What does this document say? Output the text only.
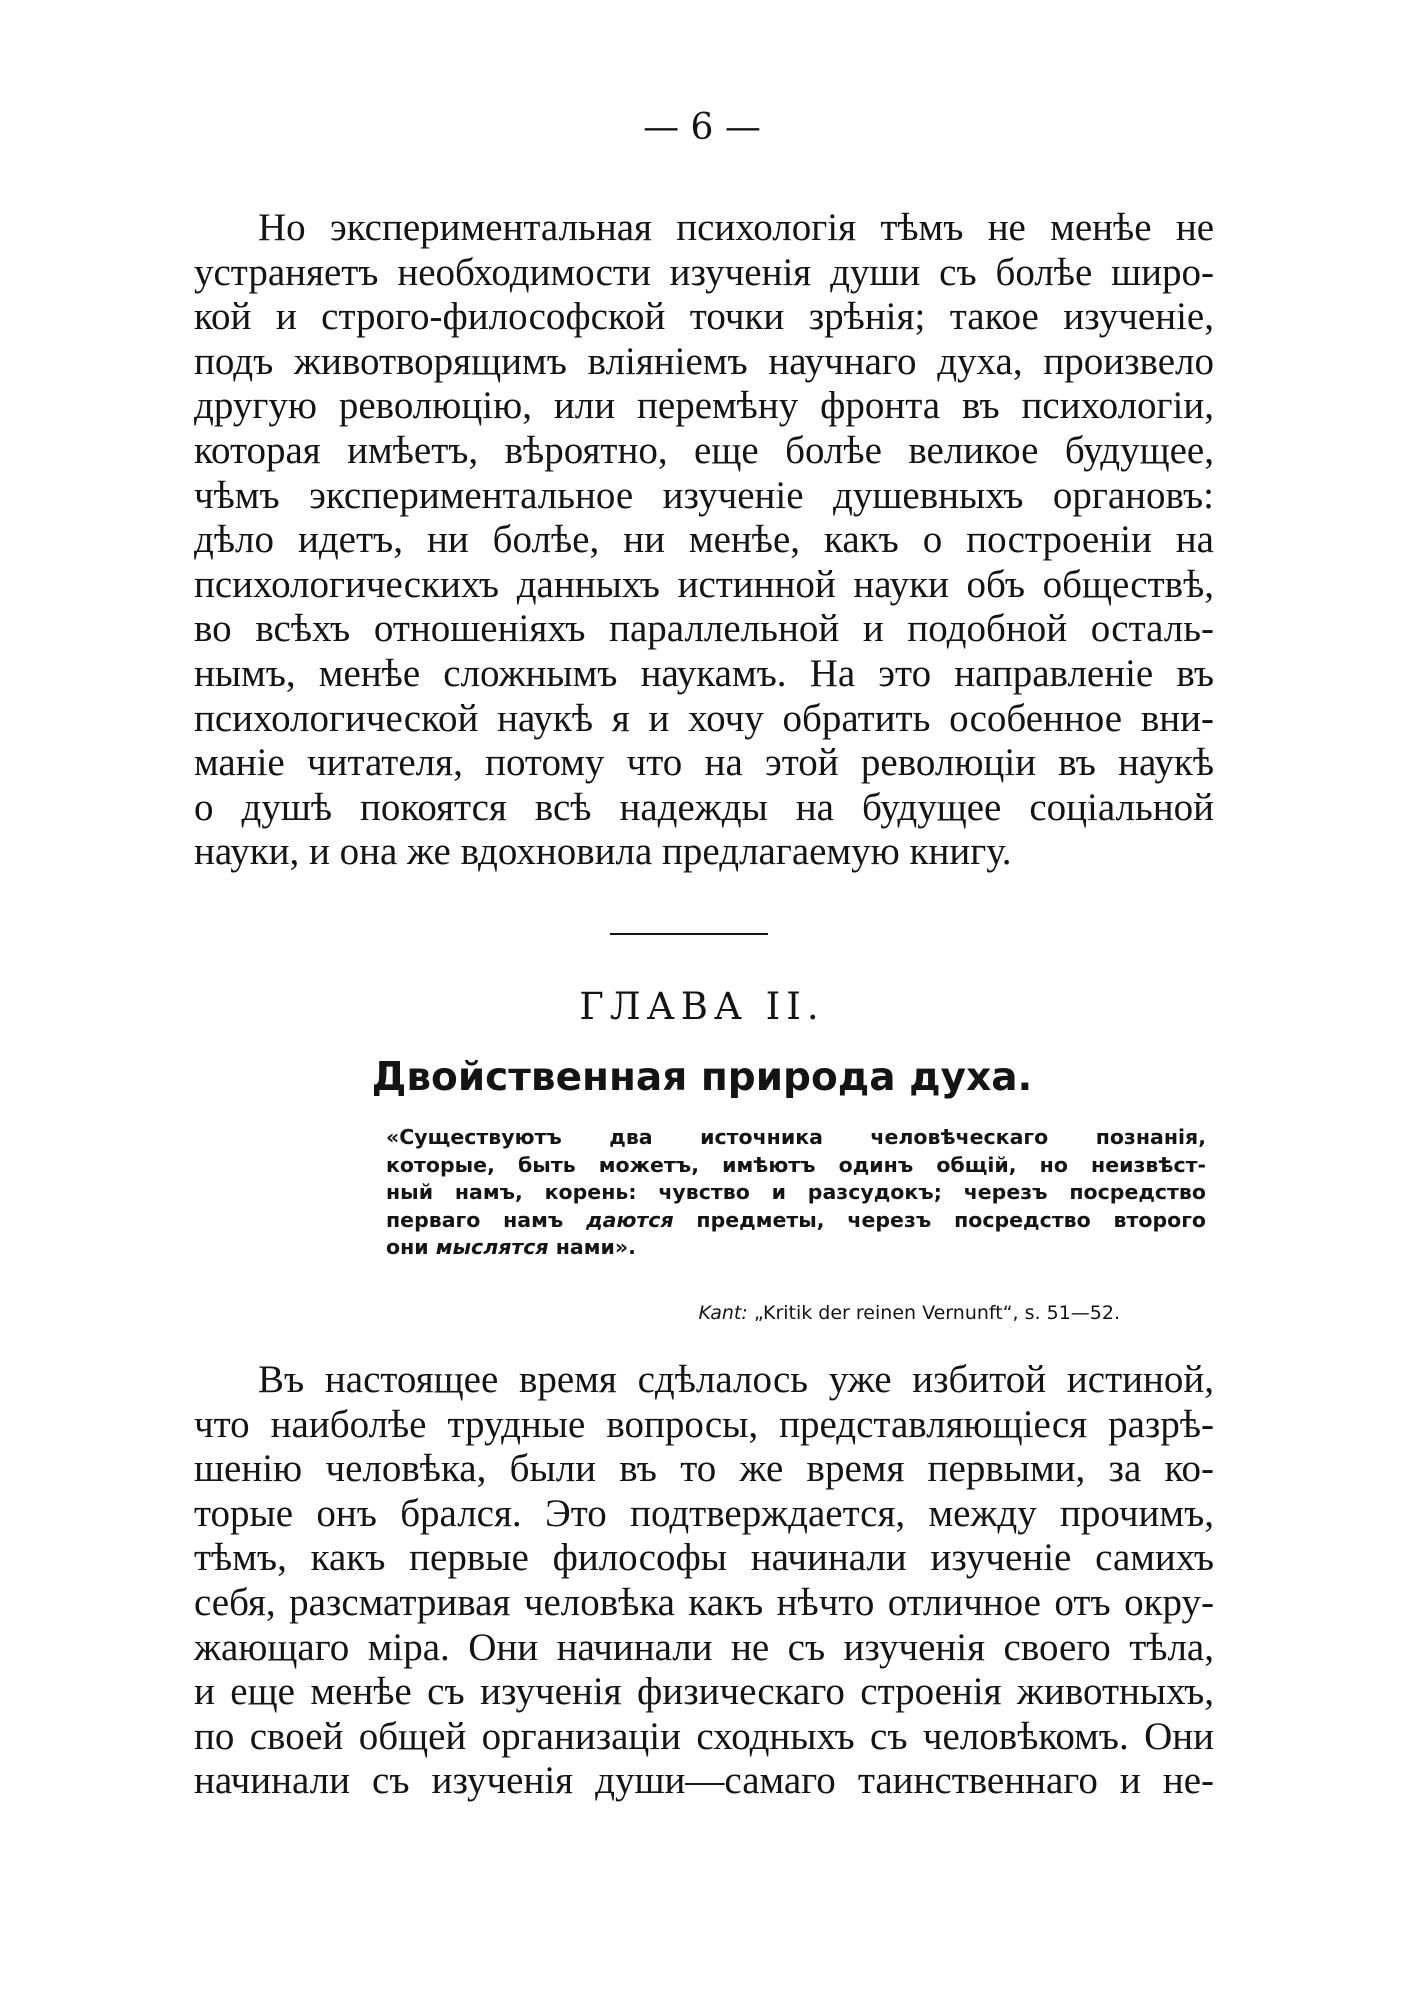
— 6 —
Но экспериментальная психологія тѣмъ не менѣе не
устраняетъ необходимости изученія души съ болѣе широ-
кой и строго-философской точки зрѣнія; такое изученіе,
подъ животворящимъ вліяніемъ научнаго духа, произвело
другую революцію, или перемѣну фронта въ психологіи,
которая имѣетъ, вѣроятно, еще болѣе великое будущее,
чѣмъ экспериментальное изученіе душевныхъ органовъ:
дѣло идетъ, ни болѣе, ни менѣе, какъ о построеніи на
психологическихъ данныхъ истинной науки объ обществѣ,
во всѣхъ отношеніяхъ параллельной и подобной осталь-
нымъ, менѣе сложнымъ наукамъ. На это направленіе въ
психологической наукѣ я и хочу обратить особенное вни-
маніе читателя, потому что на этой революціи въ наукѣ
о душѣ покоятся всѣ надежды на будущее соціальной
науки, и она же вдохновила предлагаемую книгу.
ГЛАВА II.
Двойственная природа духа.
«Существуютъ два источника человѣческаго познанія,
которые, быть можетъ, имѣютъ одинъ общій, но неизвѣст-
ный намъ, корень: чувство и разсудокъ; черезъ посредство
перваго намъ даются предметы, черезъ посредство второго
они мыслятся нами».
Kant: „Kritik der reinen Vernunft“, s. 51—52.
Въ настоящее время сдѣлалось уже избитой истиной,
что наиболѣе трудные вопросы, представляющіеся разрѣ-
шенію человѣка, были въ то же время первыми, за ко-
торые онъ брался. Это подтверждается, между прочимъ,
тѣмъ, какъ первые философы начинали изученіе самихъ
себя, разсматривая человѣка какъ нѣчто отличное отъ окру-
жающаго міра. Они начинали не съ изученія своего тѣла,
и еще менѣе съ изученія физическаго строенія животныхъ,
по своей общей организаціи сходныхъ съ человѣкомъ. Они
начинали съ изученія души—самаго таинственнаго и не-
